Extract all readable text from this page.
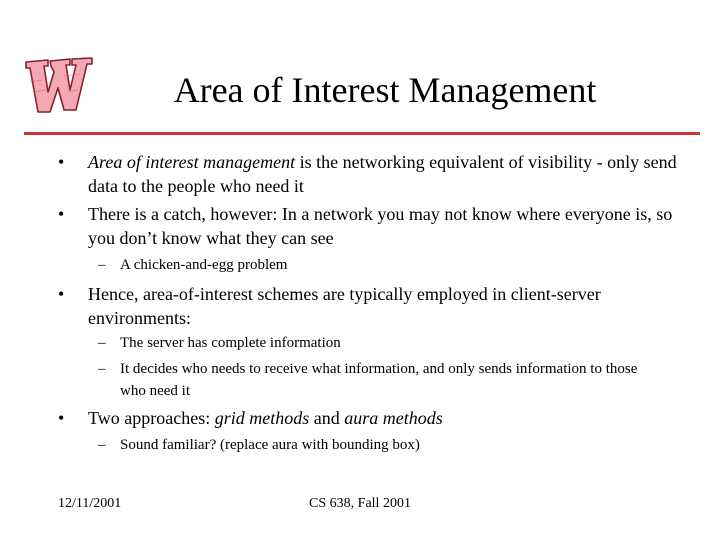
Area of Interest Management
• Area of interest management is the networking equivalent of visibility - only send data to the people who need it
• There is a catch, however: In a network you may not know where everyone is, so you don’t know what they can see
– A chicken-and-egg problem
• Hence, area-of-interest schemes are typically employed in client-server environments:
– The server has complete information
– It decides who needs to receive what information, and only sends information to those who need it
• Two approaches: grid methods and aura methods
– Sound familiar? (replace aura with bounding box)
12/11/2001	CS 638, Fall 2001
